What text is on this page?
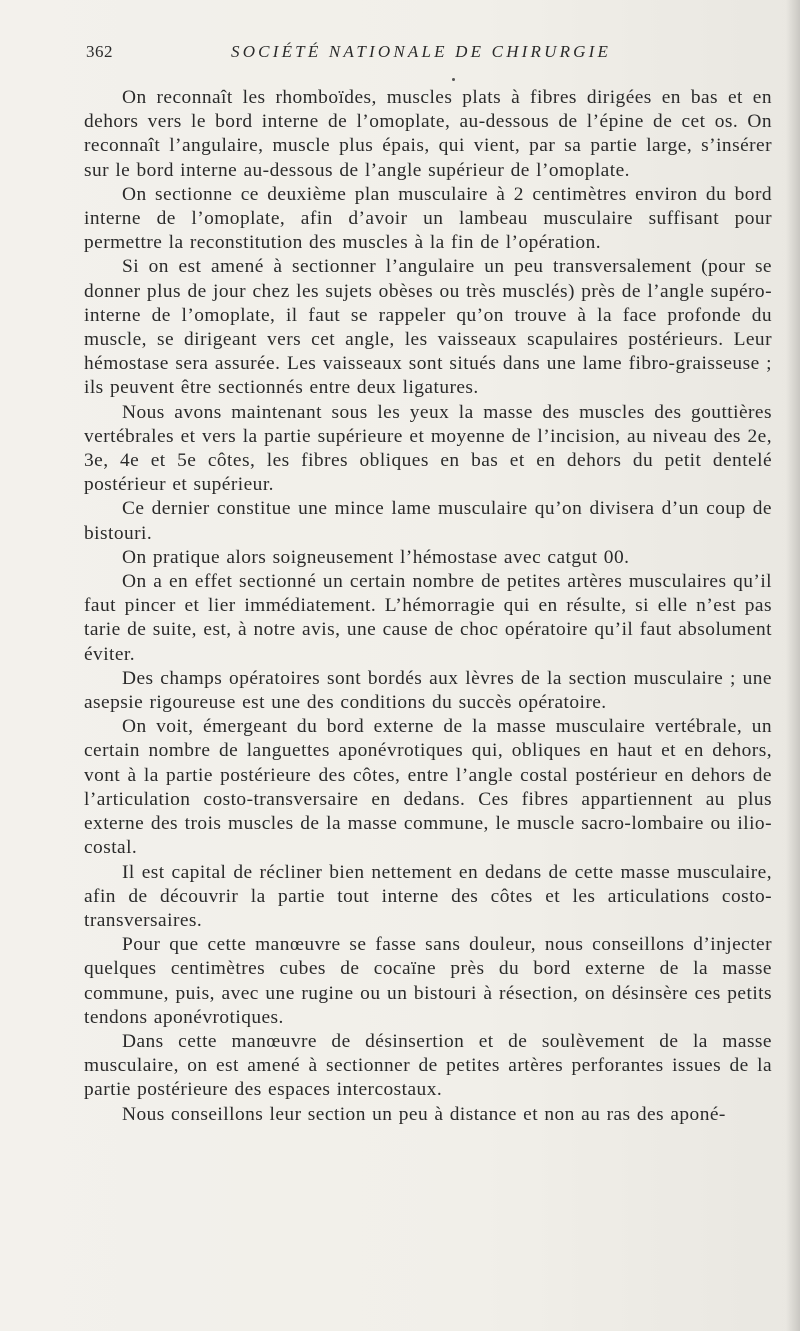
362	SOCIÉTÉ NATIONALE DE CHIRURGIE

On reconnaît les rhomboïdes, muscles plats à fibres dirigées en bas et en dehors vers le bord interne de l’omoplate, au-dessous de l’épine de cet os. On reconnaît l’angulaire, muscle plus épais, qui vient, par sa partie large, s’insérer sur le bord interne au-dessous de l’angle supérieur de l’omoplate.

On sectionne ce deuxième plan musculaire à 2 centimètres environ du bord interne de l’omoplate, afin d’avoir un lambeau musculaire suffisant pour permettre la reconstitution des muscles à la fin de l’opération.

Si on est amené à sectionner l’angulaire un peu transversalement (pour se donner plus de jour chez les sujets obèses ou très musclés) près de l’angle supéro-interne de l’omoplate, il faut se rappeler qu’on trouve à la face profonde du muscle, se dirigeant vers cet angle, les vaisseaux scapulaires postérieurs. Leur hémostase sera assurée. Les vaisseaux sont situés dans une lame fibro-graisseuse ; ils peuvent être sectionnés entre deux ligatures.

Nous avons maintenant sous les yeux la masse des muscles des gouttières vertébrales et vers la partie supérieure et moyenne de l’incision, au niveau des 2e, 3e, 4e et 5e côtes, les fibres obliques en bas et en dehors du petit dentelé postérieur et supérieur.

Ce dernier constitue une mince lame musculaire qu’on divisera d’un coup de bistouri.

On pratique alors soigneusement l’hémostase avec catgut 00.

On a en effet sectionné un certain nombre de petites artères musculaires qu’il faut pincer et lier immédiatement. L’hémorragie qui en résulte, si elle n’est pas tarie de suite, est, à notre avis, une cause de choc opératoire qu’il faut absolument éviter.

Des champs opératoires sont bordés aux lèvres de la section musculaire ; une asepsie rigoureuse est une des conditions du succès opératoire.

On voit, émergeant du bord externe de la masse musculaire vertébrale, un certain nombre de languettes aponévrotiques qui, obliques en haut et en dehors, vont à la partie postérieure des côtes, entre l’angle costal postérieur en dehors de l’articulation costo-transversaire en dedans. Ces fibres appartiennent au plus externe des trois muscles de la masse commune, le muscle sacro-lombaire ou ilio-costal.

Il est capital de récliner bien nettement en dedans de cette masse musculaire, afin de découvrir la partie tout interne des côtes et les articulations costo-transversaires.

Pour que cette manœuvre se fasse sans douleur, nous conseillons d’injecter quelques centimètres cubes de cocaïne près du bord externe de la masse commune, puis, avec une rugine ou un bistouri à résection, on désinsère ces petits tendons aponévrotiques.

Dans cette manœuvre de désinsertion et de soulèvement de la masse musculaire, on est amené à sectionner de petites artères perforantes issues de la partie postérieure des espaces intercostaux.

Nous conseillons leur section un peu à distance et non au ras des aponé-
